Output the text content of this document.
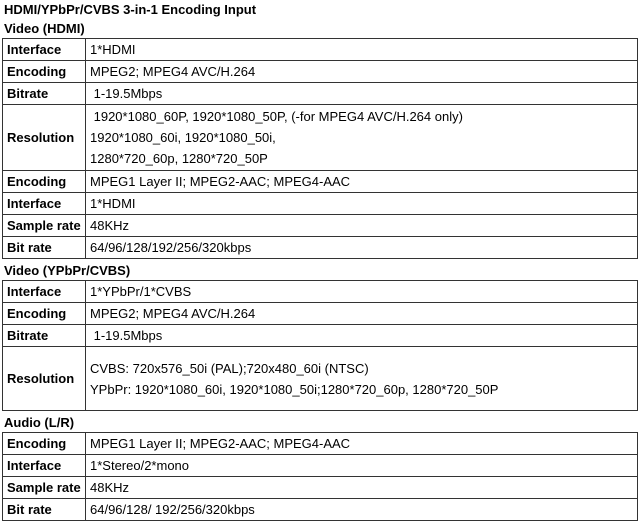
HDMI/YPbPr/CVBS 3-in-1 Encoding Input
Video (HDMI)
Interface	1*HDMI

Encoding	MPEG2; MPEG4 AVC/H.264

Bitrate	1-19.5Mbps

Resolution	1920*1080_60P, 1920*1080_50P, (-for MPEG4 AVC/H.264 only)
1920*1080_60i, 1920*1080_50i,
1280*720_60p, 1280*720_50P

Encoding	MPEG1 Layer II; MPEG2-AAC; MPEG4-AAC

Interface	1*HDMI

Sample rate	48KHz

Bit rate	64/96/128/192/256/320kbps
Video (YPbPr/CVBS)
Interface	1*YPbPr/1*CVBS

Encoding	MPEG2; MPEG4 AVC/H.264

Bitrate	1-19.5Mbps

Resolution	CVBS: 720x576_50i (PAL);720x480_60i (NTSC)
YPbPr: 1920*1080_60i, 1920*1080_50i;1280*720_60p, 1280*720_50P
Audio (L/R)
Encoding	MPEG1 Layer II; MPEG2-AAC; MPEG4-AAC

Interface	1*Stereo/2*mono

Sample rate	48KHz

Bit rate	64/96/128/ 192/256/320kbps
